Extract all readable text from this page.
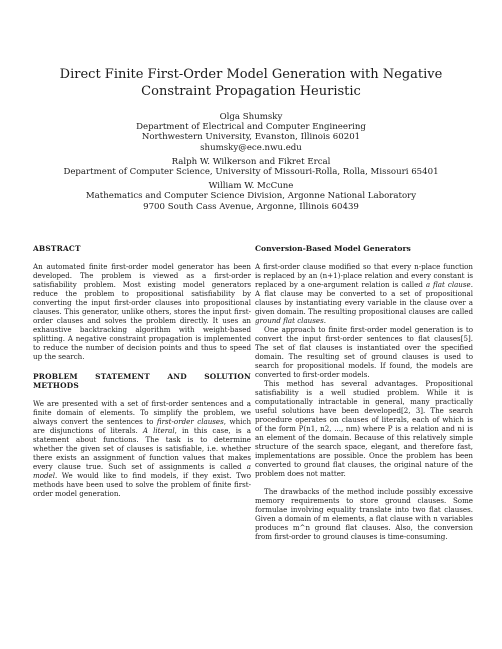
Direct Finite First-Order Model Generation with Negative
Constraint Propagation Heuristic
Olga Shumsky
Department of Electrical and Computer Engineering
Northwestern University, Evanston, Illinois 60201
shumsky@ece.nwu.edu
Ralph W. Wilkerson and Fikret Ercal
Department of Computer Science, University of Missouri-Rolla, Rolla, Missouri 65401
William W. McCune
Mathematics and Computer Science Division, Argonne National Laboratory
9700 South Cass Avenue, Argonne, Illinois 60439
ABSTRACT

An automated finite first-order model generator has been developed. The problem is viewed as a first-order satisfiability problem. Most existing model generators reduce the problem to propositional satisfiability by converting the input first-order clauses into propositional clauses. This generator, unlike others, stores the input first-order clauses and solves the problem directly. It uses an exhaustive backtracking algorithm with weight-based splitting. A negative constraint propagation is implemented to reduce the number of decision points and thus to speed up the search.

PROBLEM STATEMENT AND SOLUTION METHODS

We are presented with a set of first-order sentences and a finite domain of elements. To simplify the problem, we always convert the sentences to first-order clauses, which are disjunctions of literals. A literal, in this case, is a statement about functions. The task is to determine whether the given set of clauses is satisfiable, i.e. whether there exists an assignment of function values that makes every clause true. Such set of assignments is called a model. We would like to find models, if they exist. Two methods have been used to solve the problem of finite first-order model generation.

Conversion-Based Model Generators

A first-order clause modified so that every n-place function is replaced by an (n+1)-place relation and every constant is replaced by a one-argument relation is called a flat clause. A flat clause may be converted to a set of propositional clauses by instantiating every variable in the clause over a given domain. The resulting propositional clauses are called ground flat clauses.

One approach to finite first-order model generation is to convert the input first-order sentences to flat clauses[5]. The set of flat clauses is instantiated over the specified domain. The resulting set of ground clauses is used to search for propositional models. If found, the models are converted to first-order models.

This method has several advantages. Propositional satisfiability is a well studied problem. While it is computationally intractable in general, many practically useful solutions have been developed[2, 3]. The search procedure operates on clauses of literals, each of which is of the form P(n1, n2, ..., nm) where P is a relation and ni is an element of the domain. Because of this relatively simple structure of the search space, elegant, and therefore fast, implementations are possible. Once the problem has been converted to ground flat clauses, the original nature of the problem does not matter.

The drawbacks of the method include possibly excessive memory requirements to store ground clauses. Some formulae involving equality translate into two flat clauses. Given a domain of m elements, a flat clause with n variables produces m^n ground flat clauses. Also, the conversion from first-order to ground clauses is time-consuming.
